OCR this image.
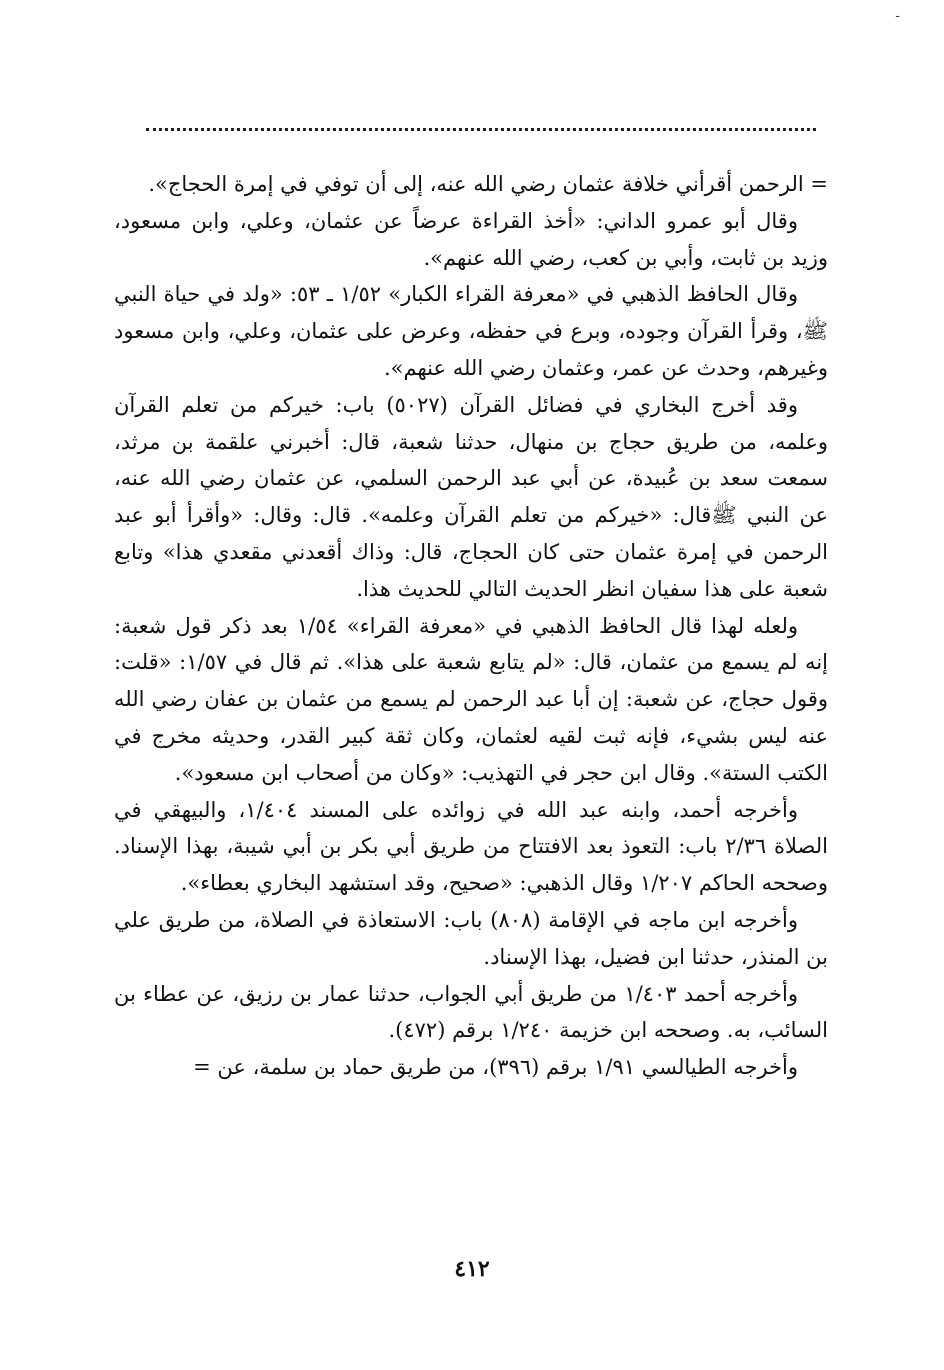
-

= الرحمن أقرأني خلافة عثمان رضي الله عنه، إلى أن توفي في إمرة الحجاج».

وقال أبو عمرو الداني: «أخذ القراءة عرضاً عن عثمان، وعلي، وابن مسعود، وزيد بن ثابت، وأبي بن كعب، رضي الله عنهم».

وقال الحافظ الذهبي في «معرفة القراء الكبار» ١/٥٢ ـ ٥٣: «ولد في حياة النبي ﷺ، وقرأ القرآن وجوده، وبرع في حفظه، وعرض على عثمان، وعلي، وابن مسعود وغيرهم، وحدث عن عمر، وعثمان رضي الله عنهم».

وقد أخرج البخاري في فضائل القرآن (٥٠٢٧) باب: خيركم من تعلم القرآن وعلمه، من طريق حجاج بن منهال، حدثنا شعبة، قال: أخبرني علقمة بن مرثد، سمعت سعد بن عُبيدة، عن أبي عبد الرحمن السلمي، عن عثمان رضي الله عنه، عن النبي ﷺقال: «خيركم من تعلم القرآن وعلمه». قال: وقال: «وأقرأ أبو عبد الرحمن في إمرة عثمان حتى كان الحجاج، قال: وذاك أقعدني مقعدي هذا» وتابع شعبة على هذا سفيان انظر الحديث التالي للحديث هذا.

ولعله لهذا قال الحافظ الذهبي في «معرفة القراء» ١/٥٤ بعد ذكر قول شعبة: إنه لم يسمع من عثمان، قال: «لم يتابع شعبة على هذا». ثم قال في ١/٥٧: «قلت: وقول حجاج، عن شعبة: إن أبا عبد الرحمن لم يسمع من عثمان بن عفان رضي الله عنه ليس بشيء، فإنه ثبت لقيه لعثمان، وكان ثقة كبير القدر، وحديثه مخرج في الكتب الستة». وقال ابن حجر في التهذيب: «وكان من أصحاب ابن مسعود».

وأخرجه أحمد، وابنه عبد الله في زوائده على المسند ١/٤٠٤، والبيهقي في الصلاة ٢/٣٦ باب: التعوذ بعد الافتتاح من طريق أبي بكر بن أبي شيبة، بهذا الإسناد. وصححه الحاكم ١/٢٠٧ وقال الذهبي: «صحيح، وقد استشهد البخاري بعطاء».

وأخرجه ابن ماجه في الإقامة (٨٠٨) باب: الاستعاذة في الصلاة، من طريق علي بن المنذر، حدثنا ابن فضيل، بهذا الإسناد.

وأخرجه أحمد ١/٤٠٣ من طريق أبي الجواب، حدثنا عمار بن رزيق، عن عطاء بن السائب، به. وصححه ابن خزيمة ١/٢٤٠ برقم (٤٧٢).

وأخرجه الطيالسي ١/٩١ برقم (٣٩٦)، من طريق حماد بن سلمة، عن =

٤١٢
